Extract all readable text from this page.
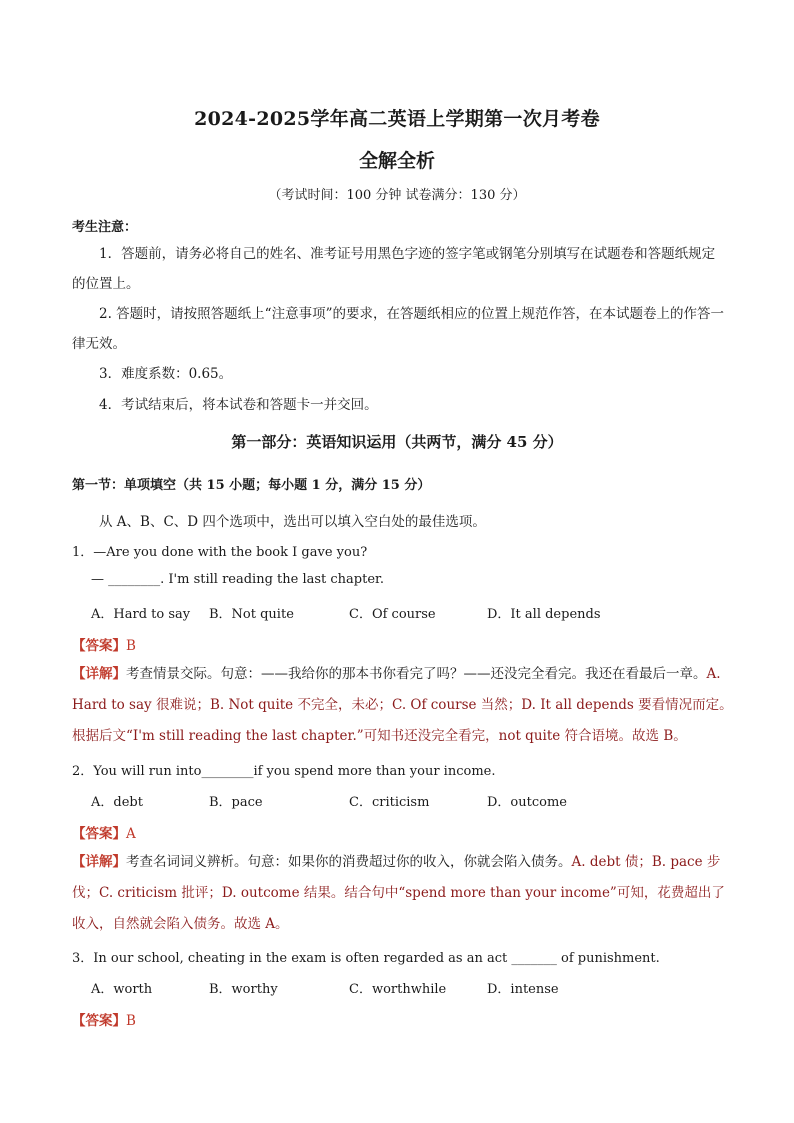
2024-2025学年高二英语上学期第一次月考卷
全解全析
（考试时间：100 分钟 试卷满分：130 分）
考生注意：
1．答题前，请务必将自己的姓名、准考证号用黑色字迹的签字笔或钢笔分别填写在试题卷和答题纸规定的位置上。
2. 答题时，请按照答题纸上“注意事项”的要求，在答题纸相应的位置上规范作答，在本试题卷上的作答一律无效。
3．难度系数：0.65。
4．考试结束后，将本试卷和答题卡一并交回。
第一部分：英语知识运用（共两节，满分 45 分）
第一节：单项填空（共 15 小题；每小题 1 分，满分 15 分）
从 A、B、C、D 四个选项中，选出可以填入空白处的最佳选项。
1．—Are you done with the book I gave you?
— ________. I'm still reading the last chapter.
A．Hard to say B．Not quite	C．Of course	D．It all depends
【答案】B
【详解】考查情景交际。句意：——我给你的那本书你看完了吗？——还没完全看完。我还在看最后一章。A. Hard to say 很难说；B. Not quite 不完全，未必；C. Of course 当然；D. It all depends 要看情况而定。根据后文“I'm still reading the last chapter.”可知书还没完全看完，not quite 符合语境。故选 B。
2．You will run into________if you spend more than your income.
A．debt	B．pace	C．criticism	D．outcome
【答案】A
【详解】考查名词词义辨析。句意：如果你的消费超过你的收入，你就会陷入债务。A. debt 债；B. pace 步伐；C. criticism 批评；D. outcome 结果。结合句中“spend more than your income”可知，花费超出了收入，自然就会陷入债务。故选 A。
3．In our school, cheating in the exam is often regarded as an act _______ of punishment.
A．worth	B．worthy	C．worthwhile	D．intense
【答案】B
